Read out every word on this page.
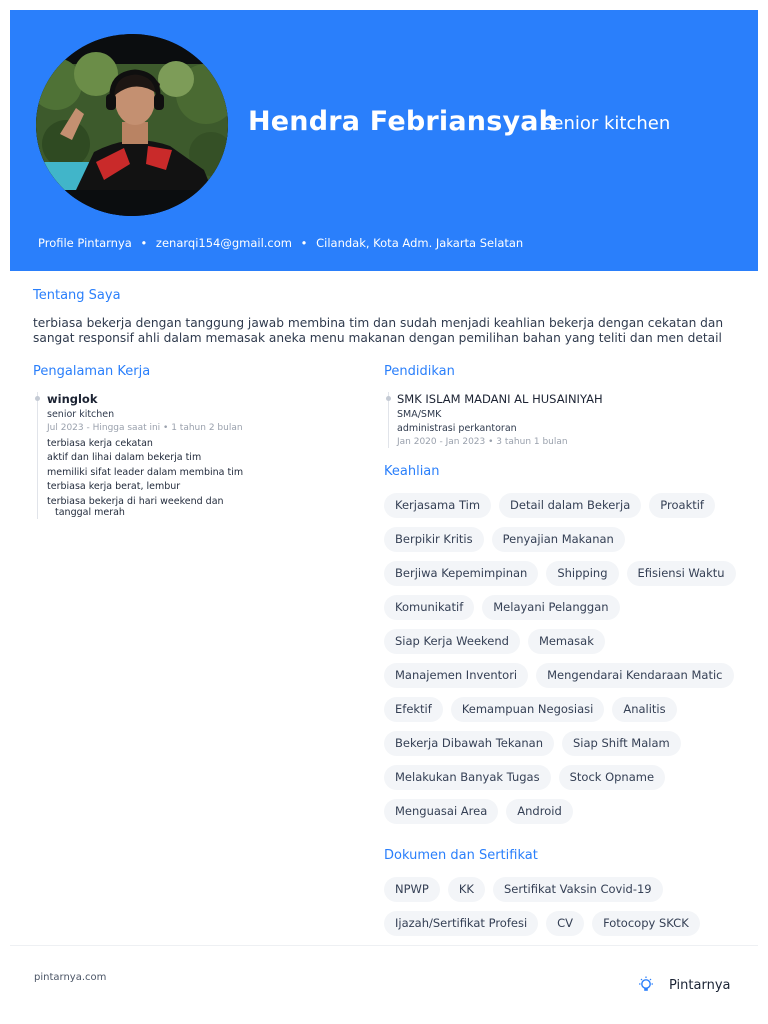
Hendra Febriansyah
senior kitchen
Profile Pintarnya • zenarqi154@gmail.com • Cilandak, Kota Adm. Jakarta Selatan
Tentang Saya
terbiasa bekerja dengan tanggung jawab membina tim dan sudah menjadi keahlian bekerja dengan cekatan dan sangat responsif ahli dalam memasak aneka menu makanan dengan pemilihan bahan yang teliti dan men detail
Pengalaman Kerja
winglok
senior kitchen
Jul 2023 - Hingga saat ini • 1 tahun 2 bulan
terbiasa kerja cekatan
aktif dan lihai dalam bekerja tim
memiliki sifat leader dalam membina tim
terbiasa kerja berat, lembur
terbiasa bekerja di hari weekend dan
tanggal merah
Pendidikan
SMK ISLAM MADANI AL HUSAINIYAH
SMA/SMK
administrasi perkantoran
Jan 2020 - Jan 2023 • 3 tahun 1 bulan
Keahlian
Kerjasama Tim	Detail dalam Bekerja	Proaktif
Berpikir Kritis	Penyajian Makanan
Berjiwa Kepemimpinan	Shipping	Efisiensi Waktu
Komunikatif	Melayani Pelanggan
Siap Kerja Weekend	Memasak
Manajemen Inventori	Mengendarai Kendaraan Matic
Efektif	Kemampuan Negosiasi	Analitis
Bekerja Dibawah Tekanan	Siap Shift Malam
Melakukan Banyak Tugas	Stock Opname
Menguasai Area	Android
Dokumen dan Sertifikat
NPWP	KK	Sertifikat Vaksin Covid-19
Ijazah/Sertifikat Profesi	CV	Fotocopy SKCK
pintarnya.com	Pintarnya
